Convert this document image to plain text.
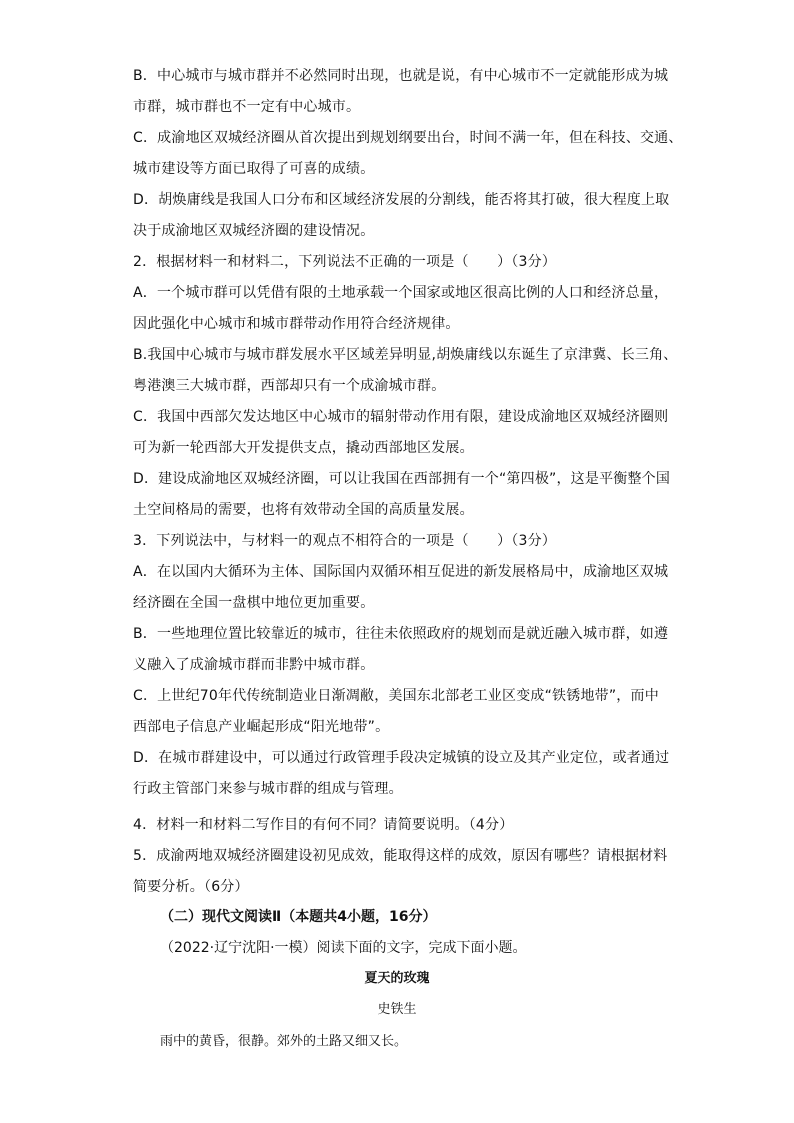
B．中心城市与城市群并不必然同时出现，也就是说，有中心城市不一定就能形成为城
市群，城市群也不一定有中心城市。
C．成渝地区双城经济圈从首次提出到规划纲要出台，时间不满一年，但在科技、交通、
城市建设等方面已取得了可喜的成绩。
D．胡焕庸线是我国人口分布和区域经济发展的分割线，能否将其打破，很大程度上取
决于成渝地区双城经济圈的建设情况。
2．根据材料一和材料二，下列说法不正确的一项是（　　）（3分）
A．一个城市群可以凭借有限的土地承载一个国家或地区很高比例的人口和经济总量，
因此强化中心城市和城市群带动作用符合经济规律。
B.我国中心城市与城市群发展水平区域差异明显,胡焕庸线以东诞生了京津冀、长三角、
粤港澳三大城市群，西部却只有一个成渝城市群。
C．我国中西部欠发达地区中心城市的辐射带动作用有限，建设成渝地区双城经济圈则
可为新一轮西部大开发提供支点，撬动西部地区发展。
D．建设成渝地区双城经济圈，可以让我国在西部拥有一个“第四极”，这是平衡整个国
土空间格局的需要，也将有效带动全国的高质量发展。
3．下列说法中，与材料一的观点不相符合的一项是（　　）（3分）
A．在以国内大循环为主体、国际国内双循环相互促进的新发展格局中，成渝地区双城
经济圈在全国一盘棋中地位更加重要。
B．一些地理位置比较靠近的城市，往往未依照政府的规划而是就近融入城市群，如遵
义融入了成渝城市群而非黔中城市群。
C．上世纪70年代传统制造业日渐凋敝，美国东北部老工业区变成“铁锈地带”，而中
西部电子信息产业崛起形成“阳光地带”。
D．在城市群建设中，可以通过行政管理手段决定城镇的设立及其产业定位，或者通过
行政主管部门来参与城市群的组成与管理。
4．材料一和材料二写作目的有何不同？请简要说明。（4分）
5．成渝两地双城经济圈建设初见成效，能取得这样的成效，原因有哪些？请根据材料
简要分析。（6分）
（二）现代文阅读Ⅱ（本题共4小题，16分）
（2022·辽宁沈阳·一模）阅读下面的文字，完成下面小题。
夏天的玫瑰
史铁生
雨中的黄昏，很静。郊外的土路又细又长。
